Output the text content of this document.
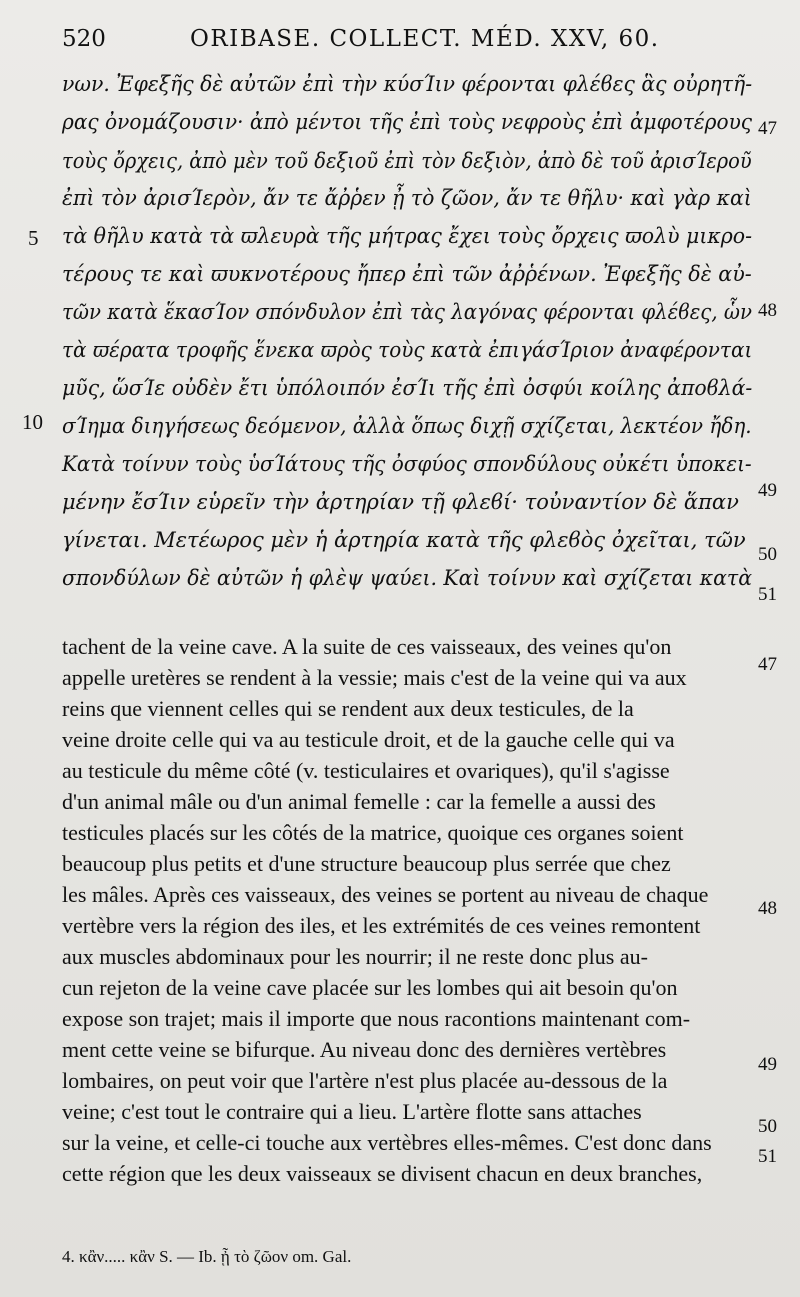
520	ORIBASE. COLLECT. MÉD. XXV, 60.
νων. Ἐφεξῆς δὲ αὐτῶν ἐπὶ τὴν κύσΊιν φέρονται φλέϐες ἃς οὐρητῆ-
ρας ὀνομάζουσιν· ἀπὸ μέντοι τῆς ἐπὶ τοὺς νεφροὺς ἐπὶ ἀμφοτέρους
τοὺς ὄρχεις, ἀπὸ μὲν τοῦ δεξιοῦ ἐπὶ τὸν δεξιὸν, ἀπὸ δὲ τοῦ ἀρισΊεροῦ
ἐπὶ τὸν ἀρισΊερὸν, ἄν τε ἄῤῥεν ᾖ τὸ ζῶον, ἄν τε θῆλυ· καὶ γὰρ καὶ
τὰ θῆλυ κατὰ τὰ ϖλευρὰ τῆς μήτρας ἔχει τοὺς ὄρχεις ϖολὺ μικρο-
τέρους τε καὶ ϖυκνοτέρους ἤπερ ἐπὶ τῶν ἀῤῥένων. Ἐφεξῆς δὲ αὐ-
τῶν κατὰ ἕκασΊον σπόνδυλον ἐπὶ τὰς λαγόνας φέρονται φλέϐες, ὧν
τὰ ϖέρατα τροφῆς ἕνεκα ϖρὸς τοὺς κατὰ ἐπιγάσΊριον ἀναφέρονται
μῦς, ὥσΊε οὐδὲν ἔτι ὑπόλοιπόν ἐσΊι τῆς ἐπὶ ὀσφύι κοίλης ἀποϐλά-
σΊημα διηγήσεως δεόμενον, ἀλλὰ ὅπως διχῇ σχίζεται, λεκτέον ἤδη.
Κατὰ τοίνυν τοὺς ὑσΊάτους τῆς ὀσφύος σπονδύλους οὐκέτι ὑποκει-
μένην ἔσΊιν εὑρεῖν τὴν ἀρτηρίαν τῇ φλεϐί· τοὐναντίον δὲ ἅπαν
γίνεται. Μετέωρος μὲν ἡ ἀρτηρία κατὰ τῆς φλεϐὸς ὀχεῖται, τῶν
σπονδύλων δὲ αὐτῶν ἡ φλὲψ ψαύει. Καὶ τοίνυν καὶ σχίζεται κατὰ
5
10
47
48
49
50
51
tachent de la veine cave. A la suite de ces vaisseaux, des veines qu'on
appelle uretères se rendent à la vessie; mais c'est de la veine qui va aux
reins que viennent celles qui se rendent aux deux testicules, de la
veine droite celle qui va au testicule droit, et de la gauche celle qui va
au testicule du même côté (v. testiculaires et ovariques), qu'il s'agisse
d'un animal mâle ou d'un animal femelle : car la femelle a aussi des
testicules placés sur les côtés de la matrice, quoique ces organes soient
beaucoup plus petits et d'une structure beaucoup plus serrée que chez
les mâles. Après ces vaisseaux, des veines se portent au niveau de chaque
vertèbre vers la région des iles, et les extrémités de ces veines remontent
aux muscles abdominaux pour les nourrir; il ne reste donc plus au-
cun rejeton de la veine cave placée sur les lombes qui ait besoin qu'on
expose son trajet; mais il importe que nous racontions maintenant com-
ment cette veine se bifurque. Au niveau donc des dernières vertèbres
lombaires, on peut voir que l'artère n'est plus placée au-dessous de la
veine; c'est tout le contraire qui a lieu. L'artère flotte sans attaches
sur la veine, et celle-ci touche aux vertèbres elles-mêmes. C'est donc dans
cette région que les deux vaisseaux se divisent chacun en deux branches,
47
48
49
50
51
4. κἂν..... κἂν S. — Ib. ᾖ τὸ ζῶον om. Gal.
